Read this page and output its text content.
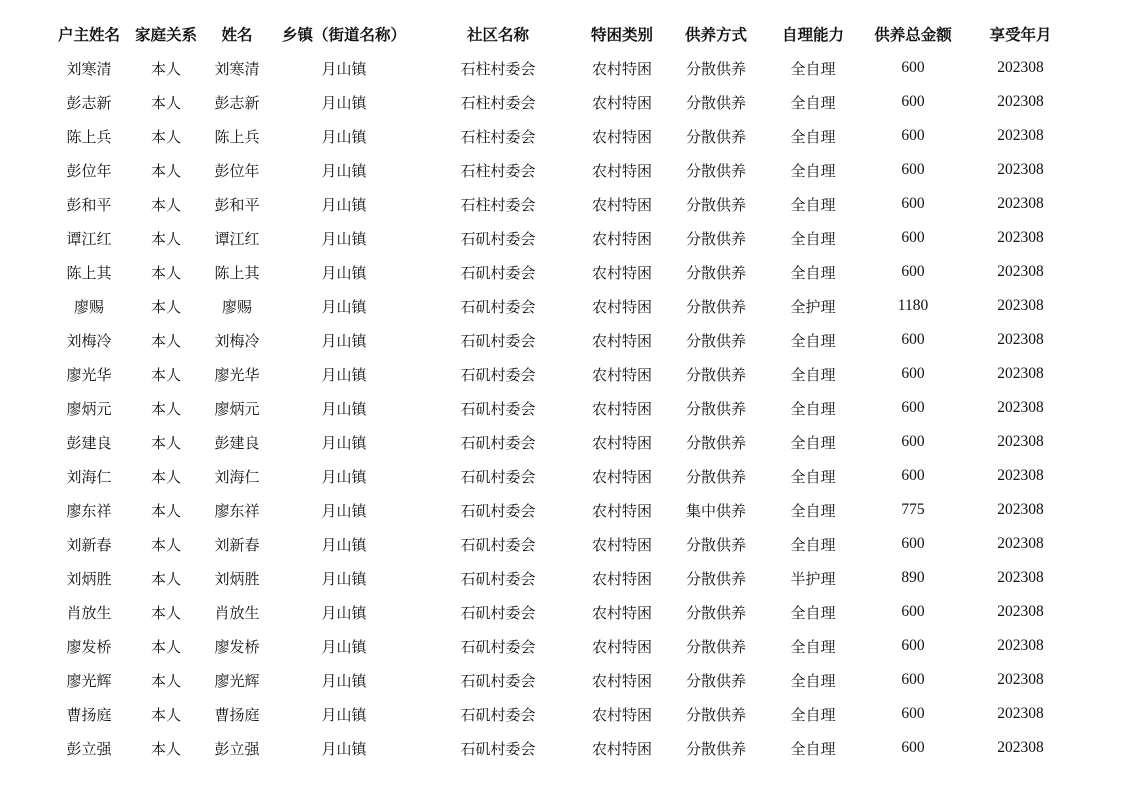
户主姓名	家庭关系	姓名	乡镇（街道名称）	社区名称	特困类别	供养方式	自理能力	供养总金额	享受年月
刘寒清	本人	刘寒清	月山镇	石柱村委会	农村特困	分散供养	全自理	600	202308
彭志新	本人	彭志新	月山镇	石柱村委会	农村特困	分散供养	全自理	600	202308
陈上兵	本人	陈上兵	月山镇	石柱村委会	农村特困	分散供养	全自理	600	202308
彭位年	本人	彭位年	月山镇	石柱村委会	农村特困	分散供养	全自理	600	202308
彭和平	本人	彭和平	月山镇	石柱村委会	农村特困	分散供养	全自理	600	202308
谭江红	本人	谭江红	月山镇	石矶村委会	农村特困	分散供养	全自理	600	202308
陈上其	本人	陈上其	月山镇	石矶村委会	农村特困	分散供养	全自理	600	202308
廖赐	本人	廖赐	月山镇	石矶村委会	农村特困	分散供养	全护理	1180	202308
刘梅冷	本人	刘梅冷	月山镇	石矶村委会	农村特困	分散供养	全自理	600	202308
廖光华	本人	廖光华	月山镇	石矶村委会	农村特困	分散供养	全自理	600	202308
廖炳元	本人	廖炳元	月山镇	石矶村委会	农村特困	分散供养	全自理	600	202308
彭建良	本人	彭建良	月山镇	石矶村委会	农村特困	分散供养	全自理	600	202308
刘海仁	本人	刘海仁	月山镇	石矶村委会	农村特困	分散供养	全自理	600	202308
廖东祥	本人	廖东祥	月山镇	石矶村委会	农村特困	集中供养	全自理	775	202308
刘新春	本人	刘新春	月山镇	石矶村委会	农村特困	分散供养	全自理	600	202308
刘炳胜	本人	刘炳胜	月山镇	石矶村委会	农村特困	分散供养	半护理	890	202308
肖放生	本人	肖放生	月山镇	石矶村委会	农村特困	分散供养	全自理	600	202308
廖发桥	本人	廖发桥	月山镇	石矶村委会	农村特困	分散供养	全自理	600	202308
廖光辉	本人	廖光辉	月山镇	石矶村委会	农村特困	分散供养	全自理	600	202308
曹扬庭	本人	曹扬庭	月山镇	石矶村委会	农村特困	分散供养	全自理	600	202308
彭立强	本人	彭立强	月山镇	石矶村委会	农村特困	分散供养	全自理	600	202308
